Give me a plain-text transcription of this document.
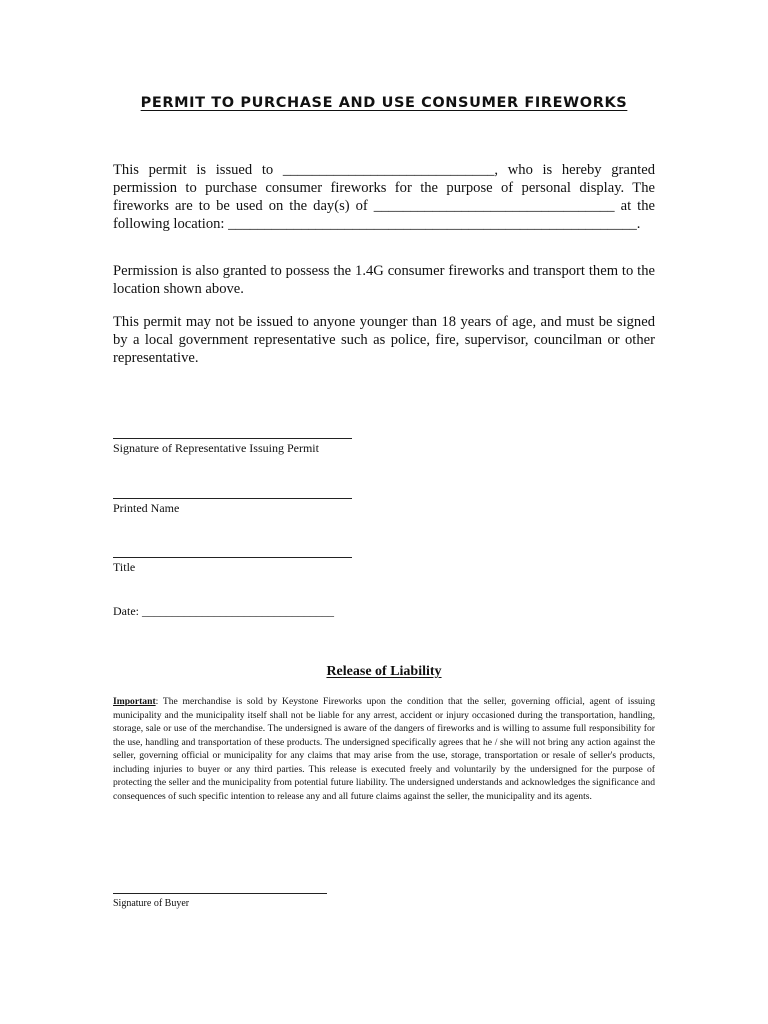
PERMIT TO PURCHASE AND USE CONSUMER FIREWORKS

This permit is issued to _____________________________, who is hereby granted permission to purchase consumer fireworks for the purpose of personal display. The fireworks are to be used on the day(s) of _________________________________ at the following location: ________________________________________________________.

Permission is also granted to possess the 1.4G consumer fireworks and transport them to the location shown above.

This permit may not be issued to anyone younger than 18 years of age, and must be signed by a local government representative such as police, fire, supervisor, councilman or other representative.

Signature of Representative Issuing Permit
Printed Name
Title
Date: ________________________________
Release of Liability

Important: The merchandise is sold by Keystone Fireworks upon the condition that the seller, governing official, agent of issuing municipality and the municipality itself shall not be liable for any arrest, accident or injury occasioned during the transportation, handling, storage, sale or use of the merchandise. The undersigned is aware of the dangers of fireworks and is willing to assume full responsibility for the use, handling and transportation of these products. The undersigned specifically agrees that he / she will not bring any action against the seller, governing official or municipality for any claims that may arise from the use, storage, transportation or resale of seller's products, including injuries to buyer or any third parties. This release is executed freely and voluntarily by the undersigned for the purpose of protecting the seller and the municipality from potential future liability. The undersigned understands and acknowledges the significance and consequences of such specific intention to release any and all future claims against the seller, the municipality and its agents.

Signature of Buyer
